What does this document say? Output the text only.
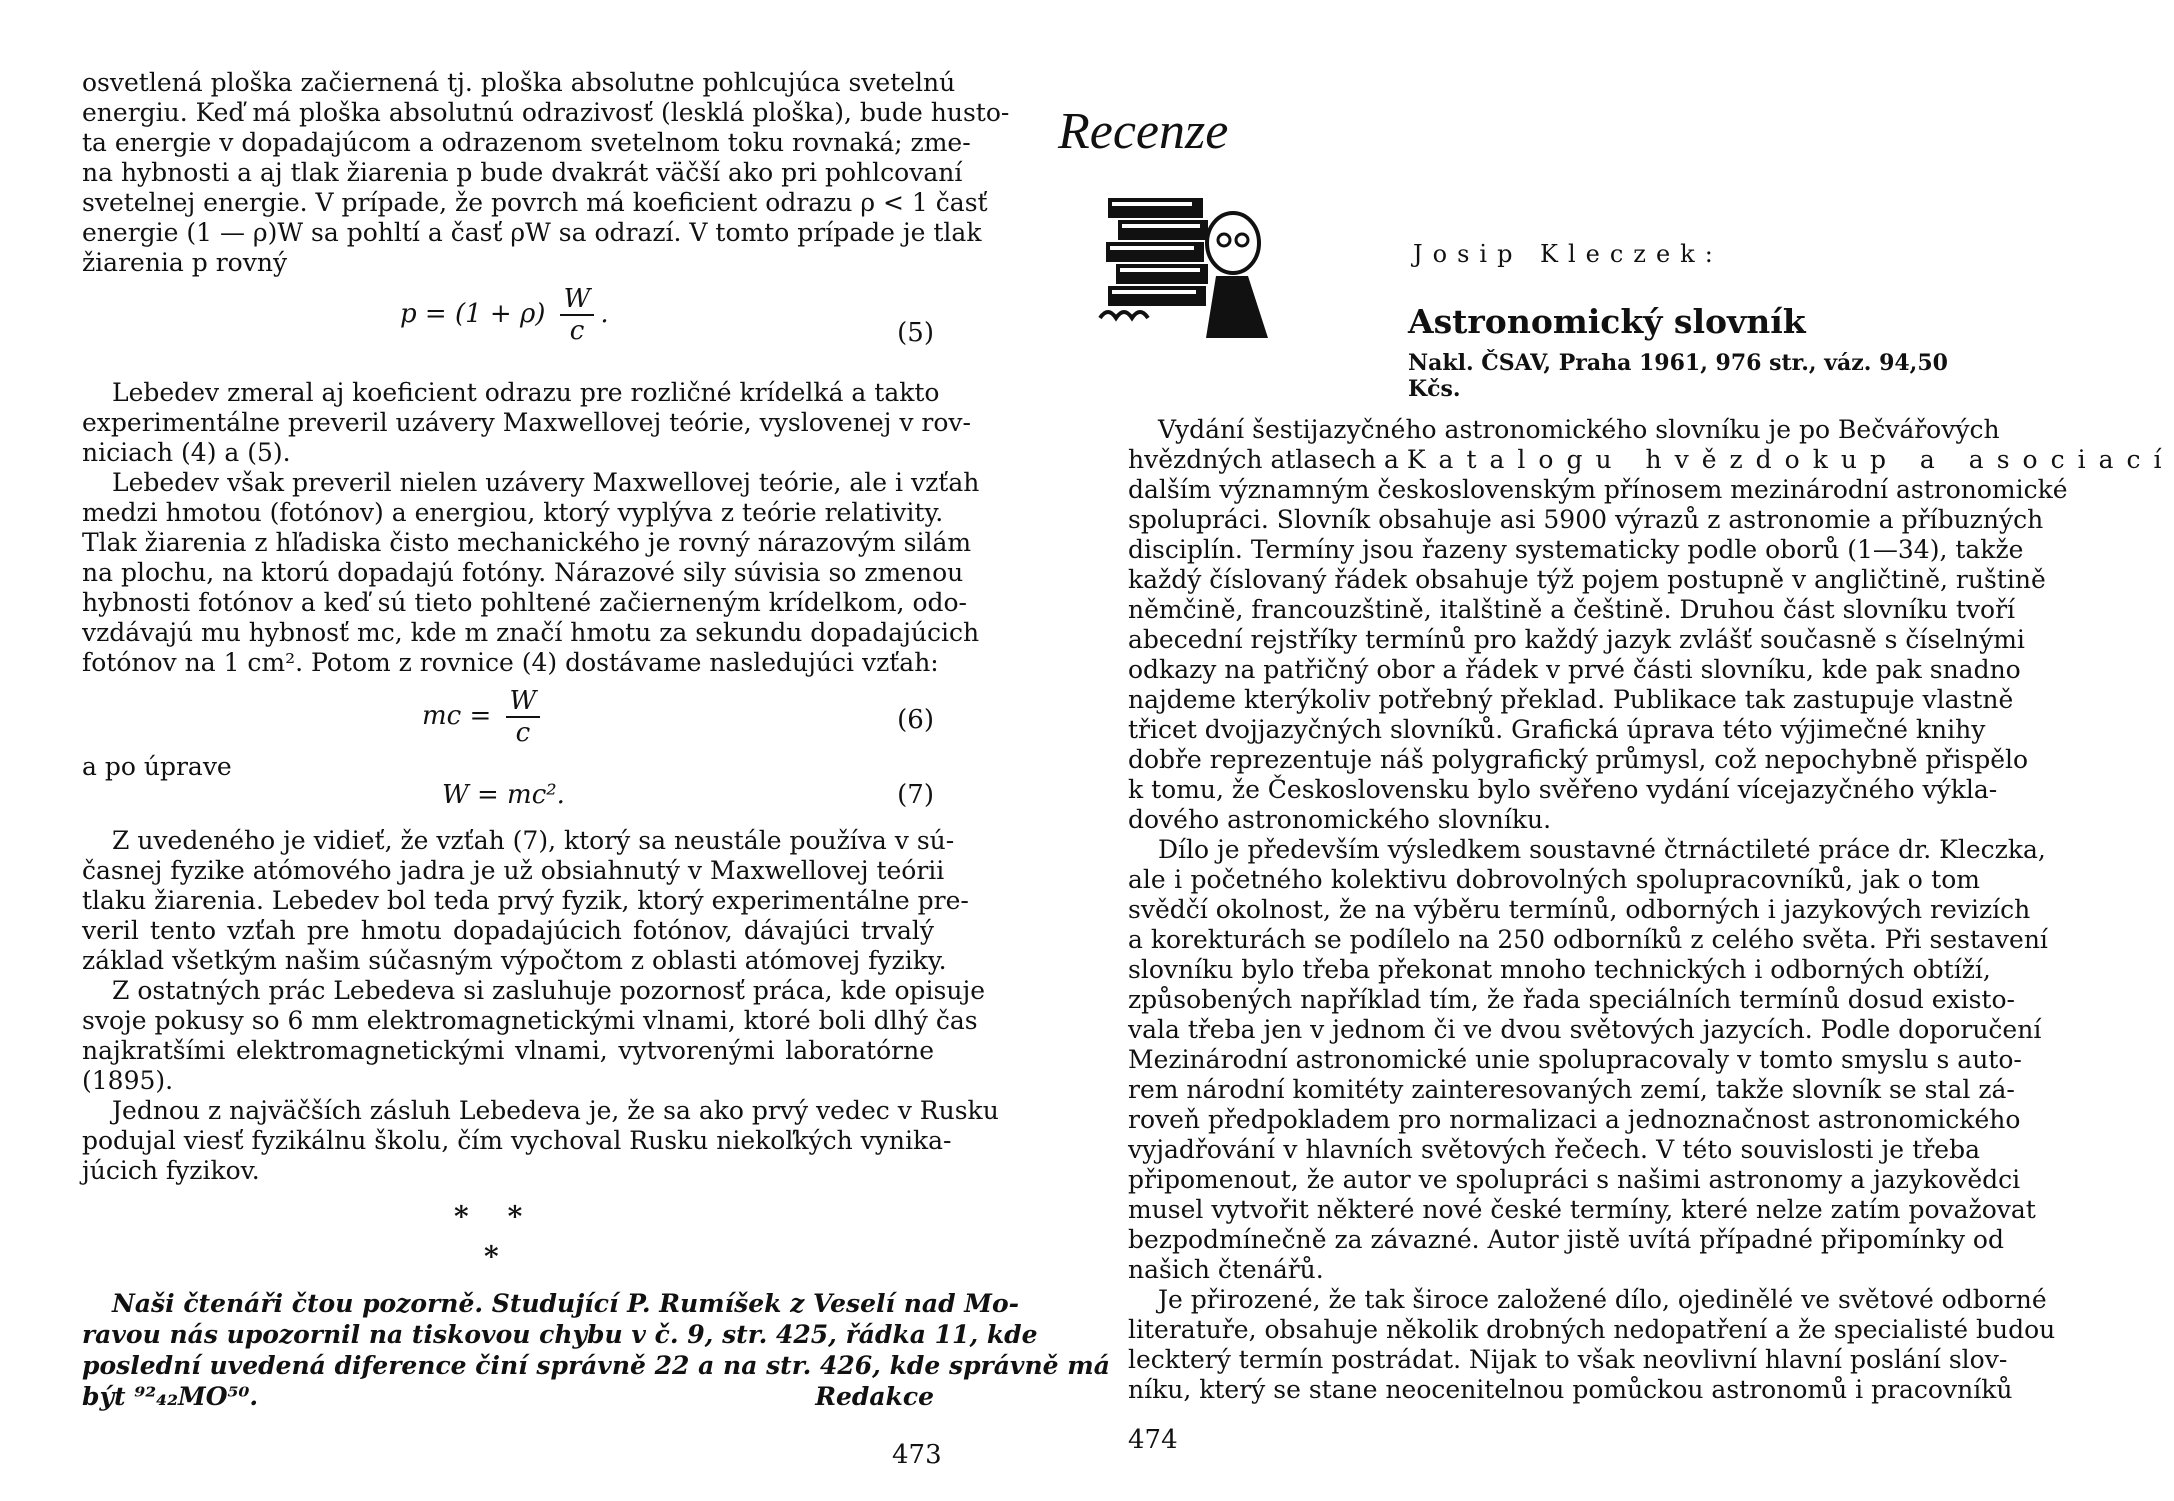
osvetlená ploška začiernená tj. ploška absolutne pohlcujúca svetelnú
energiu. Keď má ploška absolutnú odrazivosť (lesklá ploška), bude husto-
ta energie v dopadajúcom a odrazenom svetelnom toku rovnaká; zme-
na hybnosti a aj tlak žiarenia p bude dvakrát väčší ako pri pohlcovaní
svetelnej energie. V prípade, že povrch má koeficient odrazu ρ < 1 časť
energie (1 — ρ)W sa pohltí a časť ρW sa odrazí. V tomto prípade je tlak
žiarenia p rovný
$p = (1 + \rho) \frac{W}{c}$ .
(5)
Lebedev zmeral aj koeficient odrazu pre rozličné krídelká a takto
experimentálne preveril uzávery Maxwellovej teórie, vyslovenej v rov-
niciach (4) a (5).
Lebedev však preveril nielen uzávery Maxwellovej teórie, ale i vzťah
medzi hmotou (fotónov) a energiou, ktorý vyplýva z teórie relativity.
Tlak žiarenia z hľadiska čisto mechanického je rovný nárazovým silám
na plochu, na ktorú dopadajú fotóny. Nárazové sily súvisia so zmenou
hybnosti fotónov a keď sú tieto pohltené začierneným krídelkom, odo-
vzdávajú mu hybnosť mc, kde m značí hmotu za sekundu dopadajúcich
fotónov na 1 cm². Potom z rovnice (4) dostávame nasledujúci vzťah:
mc = $\frac{W}{c}$	(6)
a po úprave
W = mc².	(7)
Z uvedeného je vidieť, že vzťah (7), ktorý sa neustále používa v sú-
časnej fyzike atómového jadra je už obsiahnutý v Maxwellovej teórii
tlaku žiarenia. Lebedev bol teda prvý fyzik, ktorý experimentálne pre-
veril tento vzťah pre hmotu dopadajúcich fotónov, dávajúci trvalý
základ všetkým našim súčasným výpočtom z oblasti atómovej fyziky.
Z ostatných prác Lebedeva si zasluhuje pozornosť práca, kde opisuje
svoje pokusy so 6 mm elektromagnetickými vlnami, ktoré boli dlhý čas
najkratšími elektromagnetickými vlnami, vytvorenými laboratórne
(1895).
Jednou z najväčších zásluh Lebedeva je, že sa ako prvý vedec v Rusku
podujal viesť fyzikálnu školu, čím vychoval Rusku niekoľkých vynika-
júcich fyzikov.
*    *
*
Naši čtenáři čtou pozorně. Studující P. Rumíšek z Veselí nad Mo-
ravou nás upozornil na tiskovou chybu v č. 9, str. 425, řádka 11, kde
poslední uvedená diference činí správně 22 a na str. 426, kde správně má
být ⁹²₄₂MO⁵⁰.	Redakce
473
Recenze
Josip Kleczek:
Astronomický slovník
Nakl. ČSAV, Praha 1961, 976 str., váz. 94,50 Kčs.
Vydání šestijazyčného astronomického slovníku je po Bečvářových
hvězdných atlasech a Katalogu hvězdokup a asociací
dalším významným československým přínosem mezinárodní astronomické
spolupráci. Slovník obsahuje asi 5900 výrazů z astronomie a příbuzných
disciplín. Termíny jsou řazeny systematicky podle oborů (1—34), takže
každý číslovaný řádek obsahuje týž pojem postupně v angličtině, ruštině
němčině, francouzštině, italštině a češtině. Druhou část slovníku tvoří
abecední rejstříky termínů pro každý jazyk zvlášť současně s číselnými
odkazy na patřičný obor a řádek v prvé části slovníku, kde pak snadno
najdeme kterýkoliv potřebný překlad. Publikace tak zastupuje vlastně
třicet dvojjazyčných slovníků. Grafická úprava této výjimečné knihy
dobře reprezentuje náš polygrafický průmysl, což nepochybně přispělo
k tomu, že Československu bylo svěřeno vydání vícejazyčného výkla-
dového astronomického slovníku.
Dílo je především výsledkem soustavné čtrnáctileté práce dr. Kleczka,
ale i početného kolektivu dobrovolných spolupracovníků, jak o tom
svědčí okolnost, že na výběru termínů, odborných i jazykových revizích
a korekturách se podílelo na 250 odborníků z celého světa. Při sestavení
slovníku bylo třeba překonat mnoho technických i odborných obtíží,
způsobených například tím, že řada speciálních termínů dosud existo-
vala třeba jen v jednom či ve dvou světových jazycích. Podle doporučení
Mezinárodní astronomické unie spolupracovaly v tomto smyslu s auto-
rem národní komitéty zainteresovaných zemí, takže slovník se stal zá-
roveň předpokladem pro normalizaci a jednoznačnost astronomického
vyjadřování v hlavních světových řečech. V této souvislosti je třeba
připomenout, že autor ve spolupráci s našimi astronomy a jazykovědci
musel vytvořit některé nové české termíny, které nelze zatím považovat
bezpodmínečně za závazné. Autor jistě uvítá případné připomínky od
našich čtenářů.
Je přirozené, že tak široce založené dílo, ojedinělé ve světové odborné
literatuře, obsahuje několik drobných nedopatření a že specialisté budou
leckterý termín postrádat. Nijak to však neovlivní hlavní poslání slov-
níku, který se stane neocenitelnou pomůckou astronomů i pracovníků
474
